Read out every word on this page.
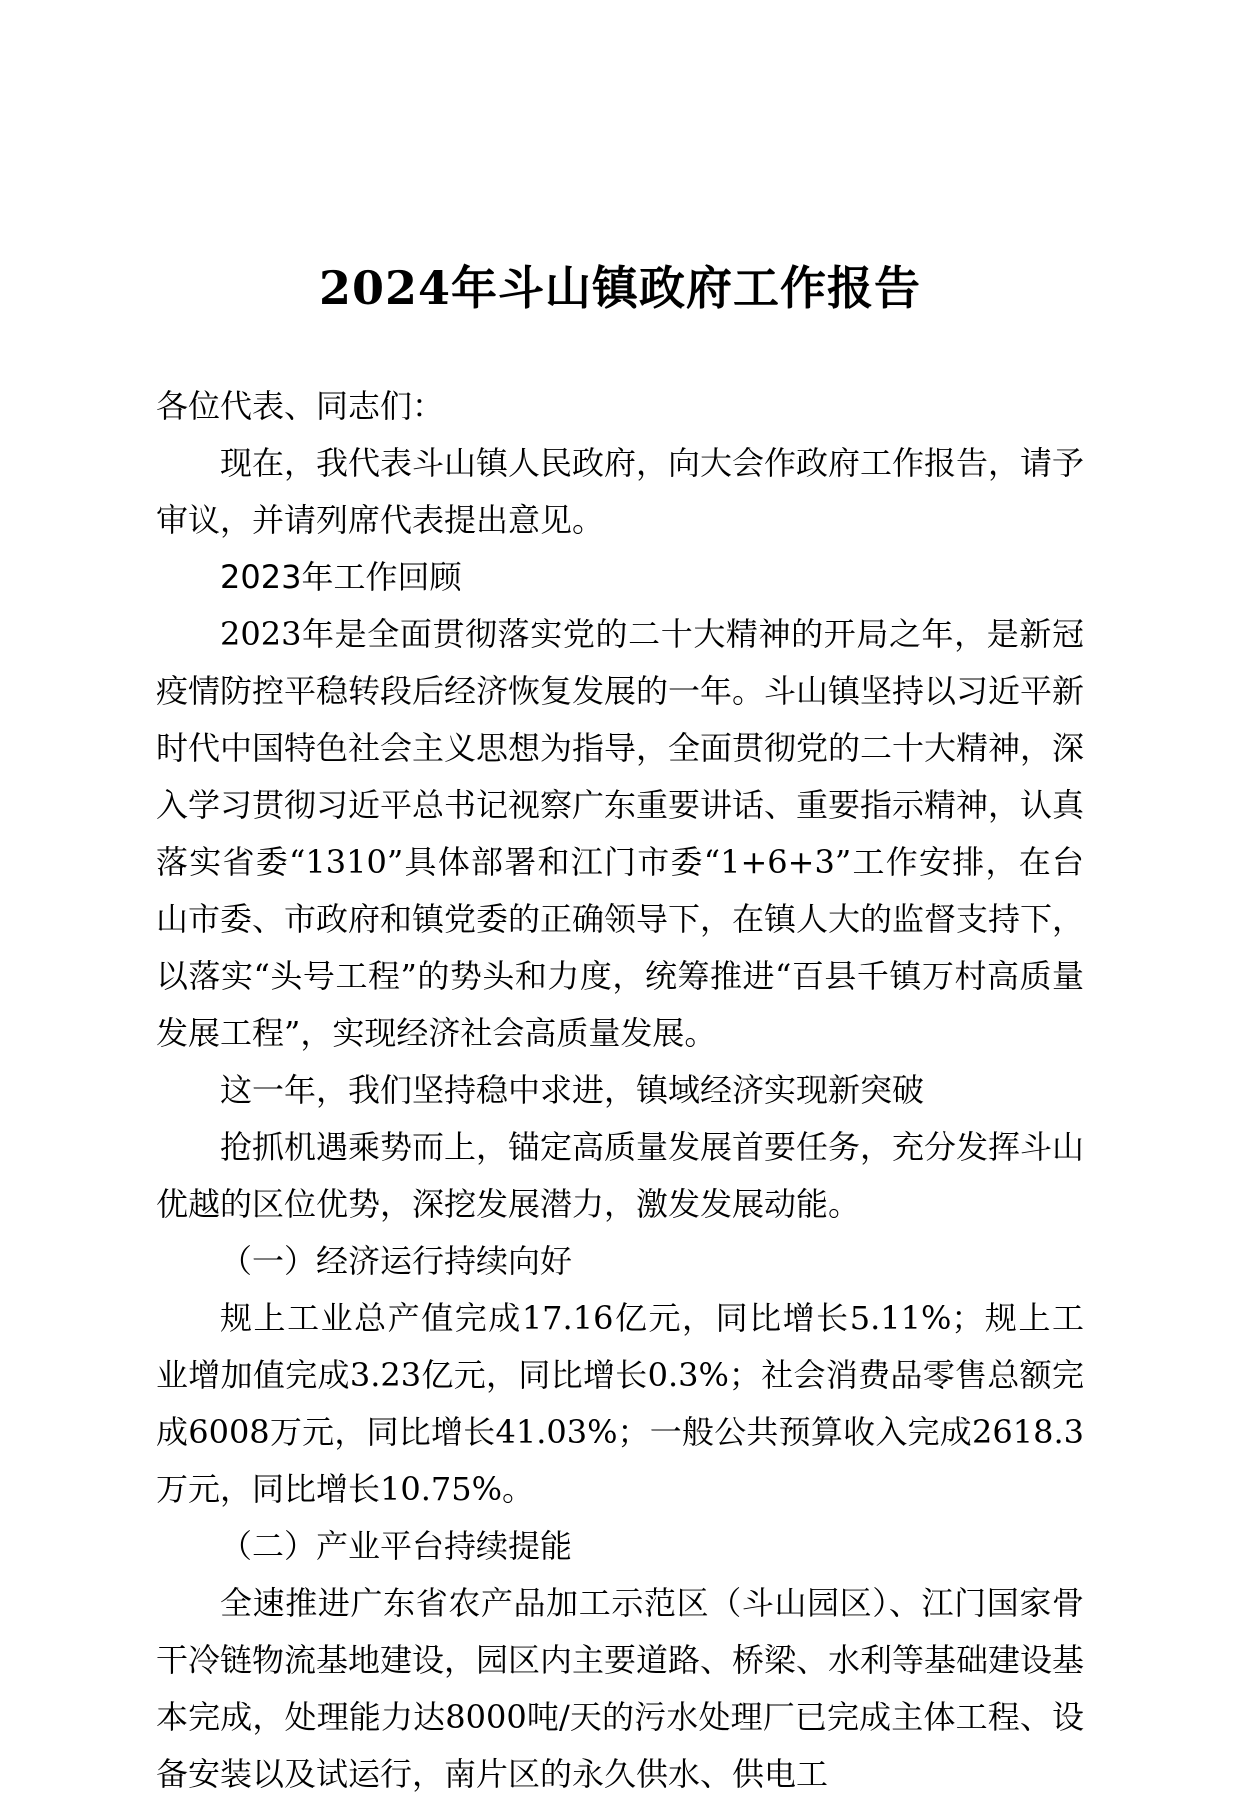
2024年斗山镇政府工作报告

各位代表、同志们：

现在，我代表斗山镇人民政府，向大会作政府工作报告，请予审议，并请列席代表提出意见。

2023年工作回顾

2023年是全面贯彻落实党的二十大精神的开局之年，是新冠疫情防控平稳转段后经济恢复发展的一年。斗山镇坚持以习近平新时代中国特色社会主义思想为指导，全面贯彻党的二十大精神，深入学习贯彻习近平总书记视察广东重要讲话、重要指示精神，认真落实省委“1310”具体部署和江门市委“1+6+3”工作安排，在台山市委、市政府和镇党委的正确领导下，在镇人大的监督支持下，以落实“头号工程”的势头和力度，统筹推进“百县千镇万村高质量发展工程”，实现经济社会高质量发展。

这一年，我们坚持稳中求进，镇域经济实现新突破

抢抓机遇乘势而上，锚定高质量发展首要任务，充分发挥斗山优越的区位优势，深挖发展潜力，激发发展动能。

（一）经济运行持续向好

规上工业总产值完成17.16亿元，同比增长5.11%；规上工业增加值完成3.23亿元，同比增长0.3%；社会消费品零售总额完成6008万元，同比增长41.03%；一般公共预算收入完成2618.3万元，同比增长10.75%。

（二）产业平台持续提能

全速推进广东省农产品加工示范区（斗山园区）、江门国家骨干冷链物流基地建设，园区内主要道路、桥梁、水利等基础建设基本完成，处理能力达8000吨/天的污水处理厂已完成主体工程、设备安装以及试运行，南片区的永久供水、供电工
